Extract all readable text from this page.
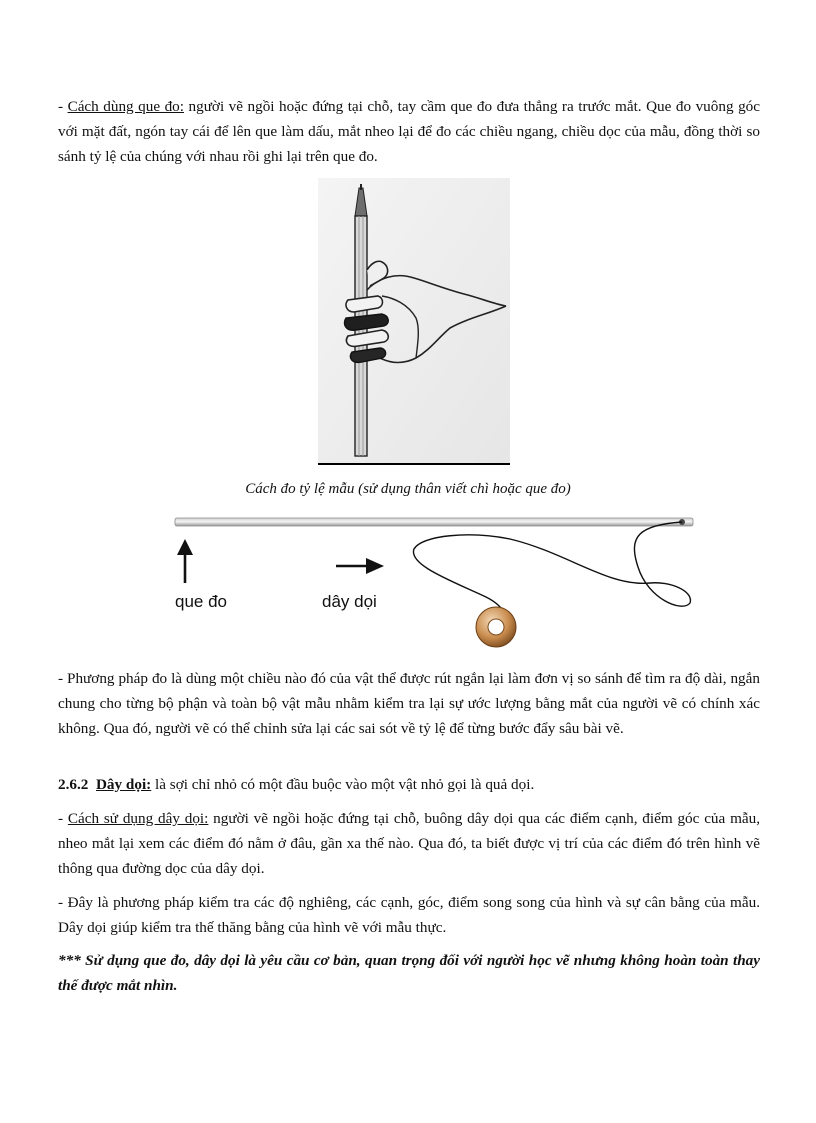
- Cách dùng que đo: người vẽ ngồi hoặc đứng tại chỗ, tay cầm que đo đưa thẳng ra trước mắt. Que đo vuông góc với mặt đất, ngón tay cái để lên que làm dấu, mắt nheo lại để đo các chiều ngang, chiều dọc của mẫu, đồng thời so sánh tỷ lệ của chúng với nhau rồi ghi lại trên que đo.

Cách đo tỷ lệ mẫu (sử dụng thân viết chì hoặc que đo)
que đo	dây dọi

- Phương pháp đo là dùng một chiều nào đó của vật thể được rút ngắn lại làm đơn vị so sánh để tìm ra độ dài, ngắn chung cho từng bộ phận và toàn bộ vật mẫu nhằm kiểm tra lại sự ước lượng bằng mắt của người vẽ có chính xác không. Qua đó, người vẽ có thể chỉnh sửa lại các sai sót về tỷ lệ để từng bước đẩy sâu bài vẽ.

2.6.2 Dây dọi: là sợi chỉ nhỏ có một đầu buộc vào một vật nhỏ gọi là quả dọi.

- Cách sử dụng dây dọi: người vẽ ngồi hoặc đứng tại chỗ, buông dây dọi qua các điểm cạnh, điểm góc của mẫu, nheo mắt lại xem các điểm đó nằm ở đâu, gần xa thế nào. Qua đó, ta biết được vị trí của các điểm đó trên hình vẽ thông qua đường dọc của dây dọi.

- Đây là phương pháp kiểm tra các độ nghiêng, các cạnh, góc, điểm song song của hình và sự cân bằng của mẫu. Dây dọi giúp kiểm tra thế thăng bằng của hình vẽ với mẫu thực.

*** Sử dụng que đo, dây dọi là yêu cầu cơ bản, quan trọng đối với người học vẽ nhưng không hoàn toàn thay thế được mắt nhìn.
